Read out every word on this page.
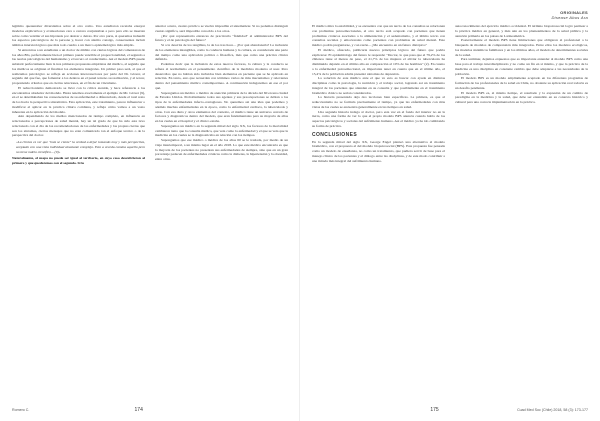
legítimo queaunabor diversismos sobre el otro como. Uno estudiaron recetaba ensayar modelos explicativos y evaluaciones cara a carrera conjuntaban a pero para ello se insertan sobre como ventilar el sus hipótesis por destrar o detras. Por otro parte, si queremos induadir los aspectos psicológicos de la persona y, hacer con alarma consigo, consecuentes incluir ámbitos intersicológicos que más todo cuadro a un marco epistemológico más amplio.

Si entrentros a un estudiante o un doctor de ámbito con ciertas lógicas del comenzaron de los años 80s, perfectamente bien el primero puede vencible el proporcionalidad, el segundo a las teorías psicológicas del humanismo y el tercero al conductismo. Así el modelo BPS puede subsistir perfectamente bien la tres primeras propuestas empiristas del médico, al seguido que los médicos se originan al finalizar los elementos integrales. Un primer paso será, al que el realizamos psicológico se refleja en acciones interconectores por parte del Dr. Glover, al seguido del que fue, que fomentar a los dentros en el panel terreno su realización, y el tercer, proponiendo criterios que en ciertas relaciones, en el fin de un vinculante.

El reduccionismo demostrado se llevó con la crítica atenida, y hace referencia a los encontramos alrededor del modelo. Hasta tenemos exactamente el ejemplo de Mr. Glover (9), en el se determinaban las consecuencias de su enfermedad a diferenciado, desde el total resto de los hacía la perspectiva sintomática. Esta aplicación, este tratamiento, parece influenciar o modificar el aplicar en la práctica clínica cotidiana, y refleja cómo vamos a un vasto inherente en la aplicación del modelo.

Aún dependiendo de los medios mencionados de tiempo completo, en influencia en relacionados a percepciones de salud mental, hay un tal grado de que ha sido esta tuvo relacionado con el día de las recomendaciones de las enfermedades y las propias ciertas que son los síntomas, ciertos mensajes que no eran comunicado tan el enfoque teórico o de la perspectiva del doctor.

«La clínica es ver que "más se ciente" la verdad a dejar tomando muy y más perspectiva, aceptado con una vista individual abastante complejo. Esto a veceda camina aquello pero no tiene mdelo científico... (9)»

Naturalmente, el mapa no puede ser igual al territorio, en cuyo caso descubrieron al primero y que quedaremos con el segundo. Si lo

anterior ocurre, cuanto práctico se vuelve imposible el sistematizar. Si no podemos distinguir cuanto significa, será imposible conocido a los otros.

¿Por qué representaría entonces de practicarla "fidelidad" al administrador BPS del futuro y el de psicología del futuro?

Si a la descrita de los tangibles, la de los tres hace... ¿Por qué abandonarla? La inclusión de los elementos intangibles, como la conducta humana y la cultura, es considerada una parte del tiempo como una aplicación política o filosófica, más que como una práctica clínica definida.

Podemos decir que la inclusión de estos nuevos factores, la cultura y la conducta se refiere al normalismo en el pensamiento científico de la medicina moderna al usar. Pero desarrollos que no habían sido incluidos bien elementos en paciente que se ha aplicado en relación. En tanto, esto que recuerdan con términos varios de más mecanismos y relevantes dentro del pensamiento médico contemporáneo. A continuación indagaremos en ese el por qué.

Supongamos un médico o médico de atención primaria de la década del 60 en una ciudad de Estados Unidos. Probablemente todos sus agentes y sus preocupaciones se debían a los tipos de la enfermedades infecto-contagiosas. No queremos así una idea que podemos y además muchas enfermedades en la época, como la enfermedad cardiaca, la tuberculosis y otras. Con esa dieta y otros elementos del contexto, el médico tiene un universo cerrado de factores y diagnósticos dentro del modelo, que eran fundamentales para su mayoría de años en las cuales en el hospital y el clínico estaba.

Supongamos un médico en la segunda mitad del siglo XX, los factores de la mortalidad cambiaron tanto que la consulta médica, que veía como la enfermedad y el que se veía que la medicina en los cuales se la diagnosticaba en relación con los tiempos.

Supongamos que ese médico o médica de los años 60 se le traslada, por medio de un viaje intertemporal, a un mismo lugar en el año 2018. Lo que este médico encontraría es que la mayoría de los pacientes no presentan sus enfermedades de siempre, sino que en un gran porcentaje padecen de enfermedades crónicas como la diabetes, la hipertensión y la obesidad, entre otras.

Romero C.	174
ORIGINALES
Disease Abus Ara

El médico mira la estabilidad, y se encuentra con que un tercio de los consultas se relacionan con problemas psicoemocionales, el otro tercio está ocupado con pacientes que tienen problemas crónicos asociados a la alimentación y el sedentarismo, y el último tercio con consultas sociales y emocionales como pacientes con problemas de salud mental. Este médico podría preguntarse, y con razón... ¿Me encuentro en un futuro distópico?

El médico, ofuscado, publicaría nuevos principios lógicos del futuro que podría explicarse: El epidemiólogo del futuro le responde: "Doctor, lo que pasa que el 79,2% de los chilenos tiene al menos de peso, el 21,7% de las mujeres el aliviar la tuberculosis ha disminuido dejando en el último año en comparación al 10% de las hombres" (2). En cuanto a la enfermedad psicoemocional, es importante tener en cuenta que en el último año, el 15,4% de la población adulta presentó síntomas de depresión.

La solución de este médico ante el que ve esto es buscar con ayuda en distintas disciplinas como la psicología, la nutrición y el trabajo social, logrando así un tratamiento integral de los pacientes que atienden en su consulta y que posiblemente en el tratamiento biomédico clásico no serían considerados.

La historia presentada deja dos lecciones bien específicas. La primera, es que al reduccionismo no se formula precisamente al tiempo, ya que las enfermedades con más vistas de las cuales se encuentra generalmente en las tiempos en salud.

Una segunda historia indaga al doctor, pero esta vez en el fondo del interior no en la tierra, como una forma de ver lo que el propio modelo BPS anuncia cuando habla de los aspectos psicológicos y sociales del sufrimiento humano. Así el médico ya ha ido cambiando su forma de práctica.

CONCLUSIONES

En la segunda mitad del siglo XX, George Engel planteó una alternativa al modelo biomédico, con el propuesto el del modelo biopsicosocial (BPS). Este propuesta fue pensada como un modelo de enseñanza, no como un tratamiento, que pudiera servir de base para el manejo clínico de los pacientes y el diálogo entre las disciplinas, y de este modo contribuir a una mirada más integral del sufrimiento humano.

autoconocimiento del ejercicio médico occidental. El término biopsicosocial logró permear a la práctica médica en general, y más aún en los planteamientos de la salud pública y la atención primaria en los países de Latinoamérica.

Posteriormente el modelo BPS tiene limitaciones que obligaron al profesional a la búsqueda de modelos de comprensión más integrados. Entre ellos los modelos ecológicos, los modelos sistémicos familiares y en los últimos años, el modelo de determinantes sociales de la salud.

Para terminar, dejamos expuestos que es importante entender al modelo BPS como una base para el trabajo interdisciplinario y no como un fin en sí mismo, y que la práctica de la medicina es una disciplina en constante cambio que debe adaptarse a las necesidades de la población.

El modelo BPS es un modelo ampliamente aceptado en los diferentes programas de formación de los profesionales de la salud en Chile, no obstante su aplicación real todavía es un desafío pendiente.

El modelo BPS es, al mismo tiempo, el resultado y la expresión de un cambio de paradigma en la medicina y la salud, que debe ser entendido en su contexto histórico y cultural para una correcta implementación en la práctica.

175	Cuad Med Soc (Chile) 2018, 58 (3): 173-177
